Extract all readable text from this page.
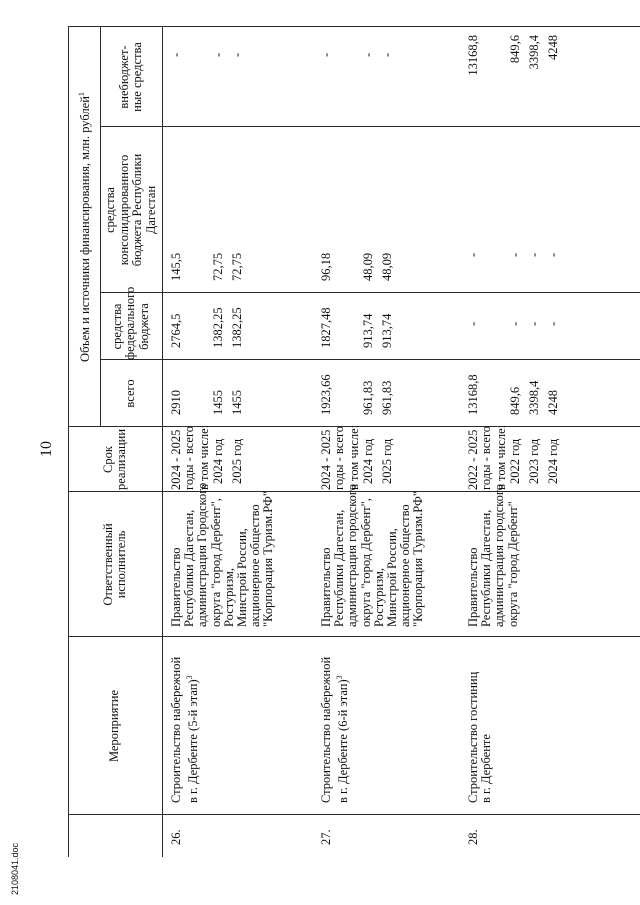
10
Мероприятие
Ответственный исполнитель
Срок
реализации
Объем и источники финансирования, млн. рублей$^1$
всего
средства
федерального
бюджета
средства
консолидированного
бюджета Республики
Дагестан
внебюджет-
ные средства
26.
Строительство набережной
в г. Дербенте (5-й этап)$^3$
Правительство
Республики Дагестан,
администрация Городского
округа "город Дербент",
Ростуризм,
Минстрой России,
акционерное общество
"Корпорация Туризм.РФ"
2024 - 2025
годы - всего
2910
2764,5
145,5
-
в том числе: 2024 год
1455
1382,25
72,75
-
2025 год
1455
1382,25
72,75
-
27.
Строительство набережной
в г. Дербенте (6-й этап)$^3$
Правительство
Республики Дагестан,
администрация городского
округа "город Дербент",
Ростуризм,
Минстрой России,
акционерное общество
"Корпорация Туризм.РФ"
2024 - 2025
годы - всего
1923,66
1827,48
96,18
-
в том числе: 2024 год
961,83
913,74
48,09
-
2025 год
961,83
913,74
48,09
-
28.
Строительство гостиниц
в г. Дербенте
Правительство
Республики Дагестан,
администрация городского
округа "город Дербент"
2022 - 2025
годы - всего
13168,8
-
-
13168,8
в том числе: 2022 год
849,6
-
-
849,6
2023 год
3398,4
-
-
3398,4
2024 год
4248
-
-
4248
2108041.doc
